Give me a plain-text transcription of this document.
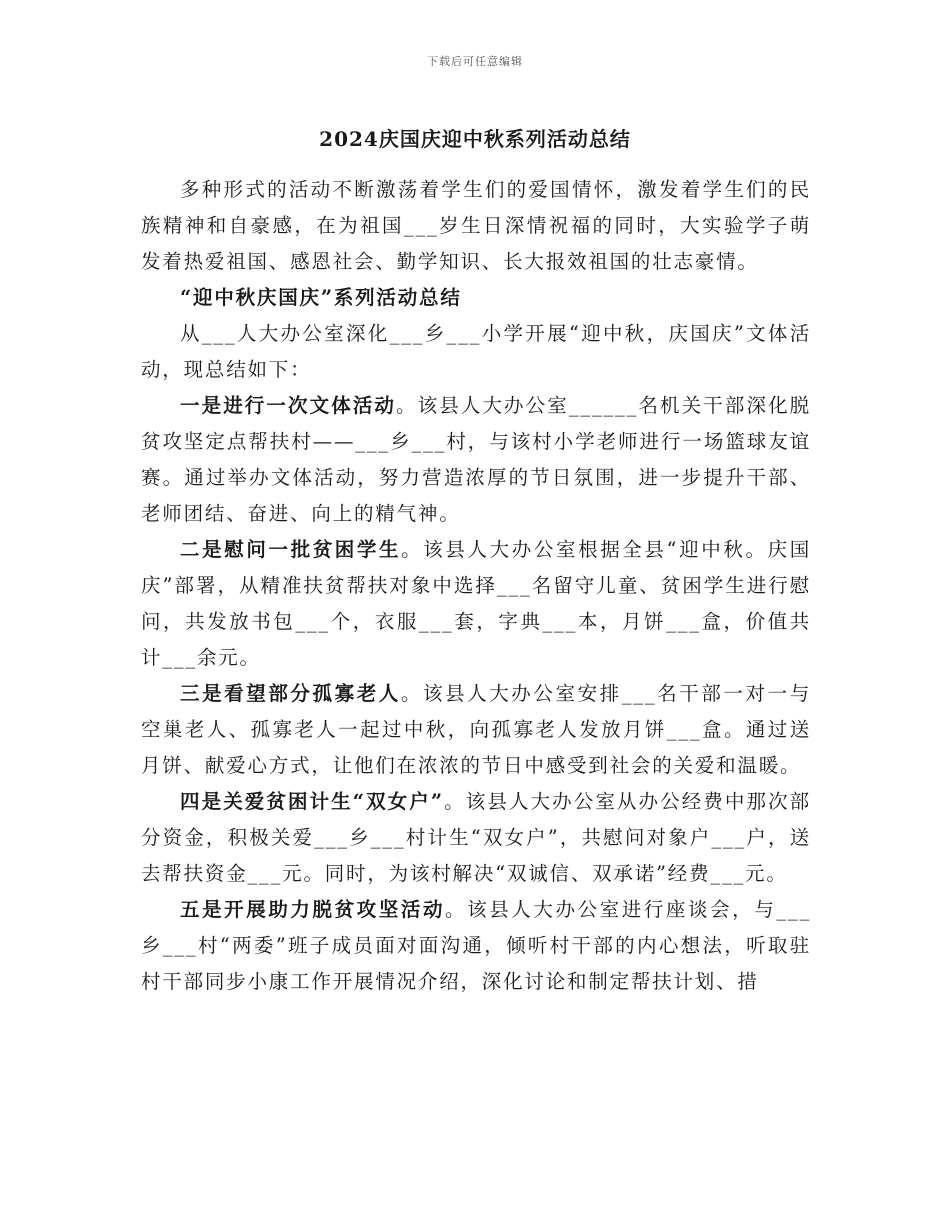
下载后可任意编辑
2024庆国庆迎中秋系列活动总结

多种形式的活动不断激荡着学生们的爱国情怀，激发着学生们的民族精神和自豪感，在为祖国___岁生日深情祝福的同时，大实验学子萌发着热爱祖国、感恩社会、勤学知识、长大报效祖国的壮志豪情。

“迎中秋庆国庆”系列活动总结

从___人大办公室深化___乡___小学开展“迎中秋，庆国庆”文体活动，现总结如下：

一是进行一次文体活动。该县人大办公室______名机关干部深化脱贫攻坚定点帮扶村——___乡___村，与该村小学老师进行一场篮球友谊赛。通过举办文体活动，努力营造浓厚的节日氛围，进一步提升干部、老师团结、奋进、向上的精气神。

二是慰问一批贫困学生。该县人大办公室根据全县“迎中秋。庆国庆”部署，从精准扶贫帮扶对象中选择___名留守儿童、贫困学生进行慰问，共发放书包___个，衣服___套，字典___本，月饼___盒，价值共计___余元。

三是看望部分孤寡老人。该县人大办公室安排___名干部一对一与空巢老人、孤寡老人一起过中秋，向孤寡老人发放月饼___盒。通过送月饼、献爱心方式，让他们在浓浓的节日中感受到社会的关爱和温暖。

四是关爱贫困计生“双女户”。该县人大办公室从办公经费中那次部分资金，积极关爱___乡___村计生“双女户”，共慰问对象户___户，送去帮扶资金___元。同时，为该村解决“双诚信、双承诺”经费___元。

五是开展助力脱贫攻坚活动。该县人大办公室进行座谈会，与___乡___村“两委”班子成员面对面沟通，倾听村干部的内心想法，听取驻村干部同步小康工作开展情况介绍，深化讨论和制定帮扶计划、措
